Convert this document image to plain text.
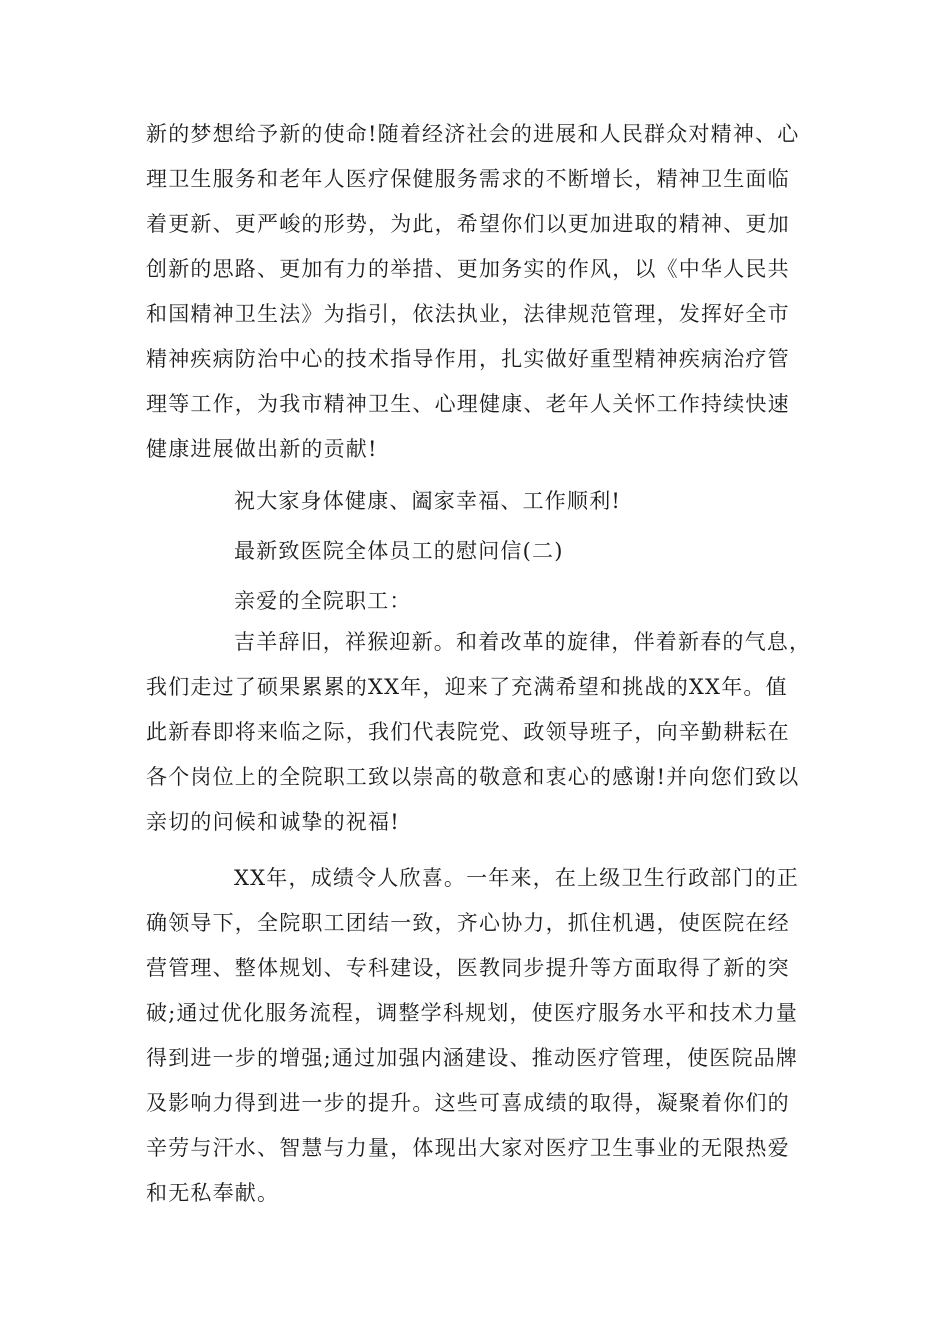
新的梦想给予新的使命!随着经济社会的进展和人民群众对精神、心
理卫生服务和老年人医疗保健服务需求的不断增长，精神卫生面临
着更新、更严峻的形势，为此，希望你们以更加进取的精神、更加
创新的思路、更加有力的举措、更加务实的作风，以《中华人民共
和国精神卫生法》为指引，依法执业，法律规范管理，发挥好全市
精神疾病防治中心的技术指导作用，扎实做好重型精神疾病治疗管
理等工作，为我市精神卫生、心理健康、老年人关怀工作持续快速
健康进展做出新的贡献!
祝大家身体健康、阖家幸福、工作顺利!
最新致医院全体员工的慰问信(二)
亲爱的全院职工：
吉羊辞旧，祥猴迎新。和着改革的旋律，伴着新春的气息，
我们走过了硕果累累的XX年，迎来了充满希望和挑战的XX年。值
此新春即将来临之际，我们代表院党、政领导班子，向辛勤耕耘在
各个岗位上的全院职工致以崇高的敬意和衷心的感谢!并向您们致以
亲切的问候和诚挚的祝福!
XX年，成绩令人欣喜。一年来，在上级卫生行政部门的正
确领导下，全院职工团结一致，齐心协力，抓住机遇，使医院在经
营管理、整体规划、专科建设，医教同步提升等方面取得了新的突
破;通过优化服务流程，调整学科规划，使医疗服务水平和技术力量
得到进一步的增强;通过加强内涵建设、推动医疗管理，使医院品牌
及影响力得到进一步的提升。这些可喜成绩的取得，凝聚着你们的
辛劳与汗水、智慧与力量，体现出大家对医疗卫生事业的无限热爱
和无私奉献。
